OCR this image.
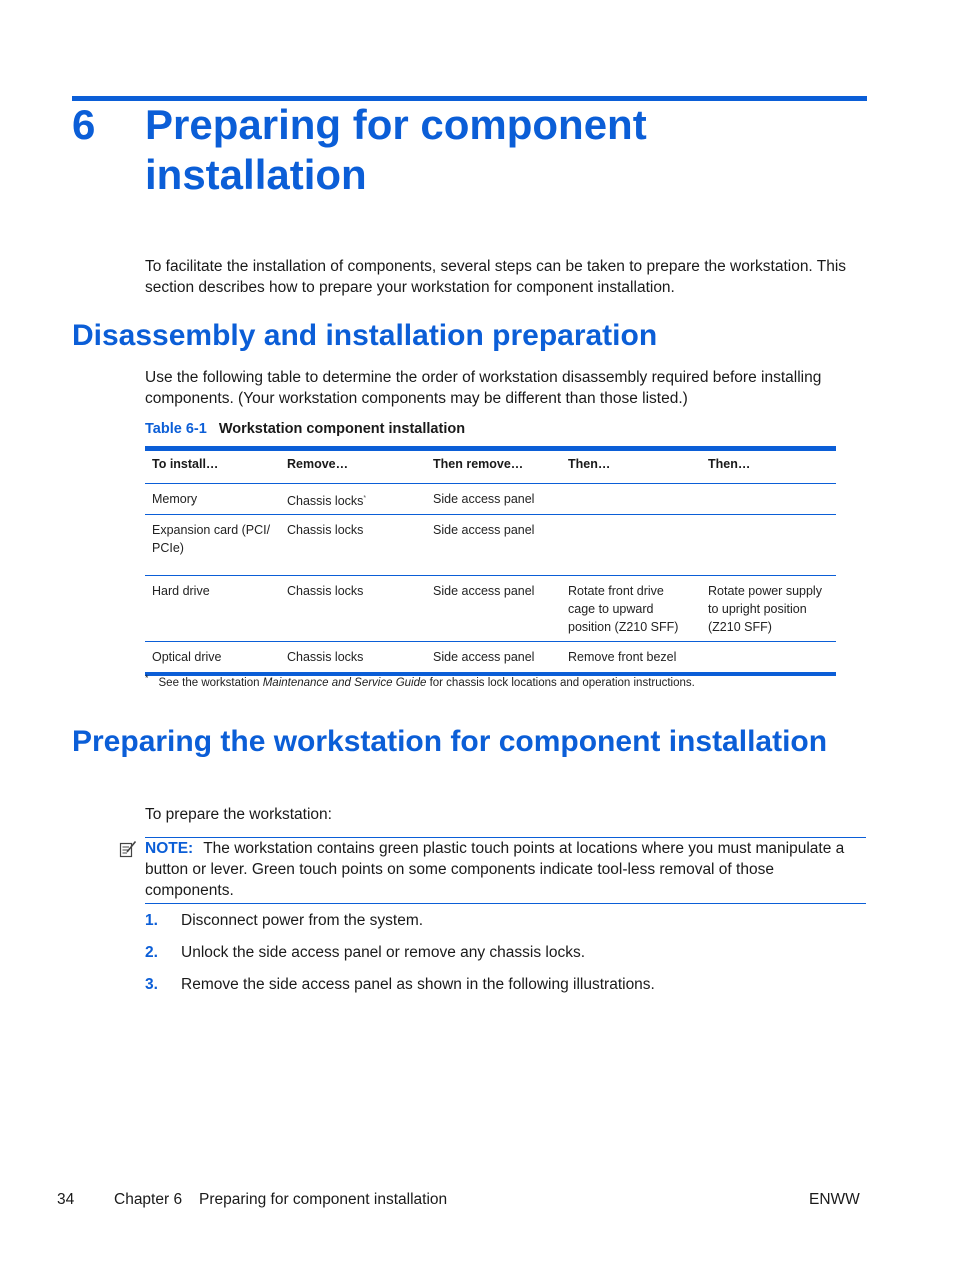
6 Preparing for component installation
To facilitate the installation of components, several steps can be taken to prepare the workstation. This section describes how to prepare your workstation for component installation.
Disassembly and installation preparation
Use the following table to determine the order of workstation disassembly required before installing components. (Your workstation components may be different than those listed.)
Table 6-1 Workstation component installation
To install…	Remove…	Then remove…	Then…	Then…
Memory	Chassis locks*	Side access panel		
Expansion card (PCI/ PCIe)	Chassis locks	Side access panel		
Hard drive	Chassis locks	Side access panel	Rotate front drive cage to upward position (Z210 SFF)	Rotate power supply to upright position (Z210 SFF)
Optical drive	Chassis locks	Side access panel	Remove front bezel	
* See the workstation Maintenance and Service Guide for chassis lock locations and operation instructions.
Preparing the workstation for component installation
To prepare the workstation:
NOTE: The workstation contains green plastic touch points at locations where you must manipulate a button or lever. Green touch points on some components indicate tool-less removal of those components.
1. Disconnect power from the system.
2. Unlock the side access panel or remove any chassis locks.
3. Remove the side access panel as shown in the following illustrations.
34	Chapter 6 Preparing for component installation	ENWW
